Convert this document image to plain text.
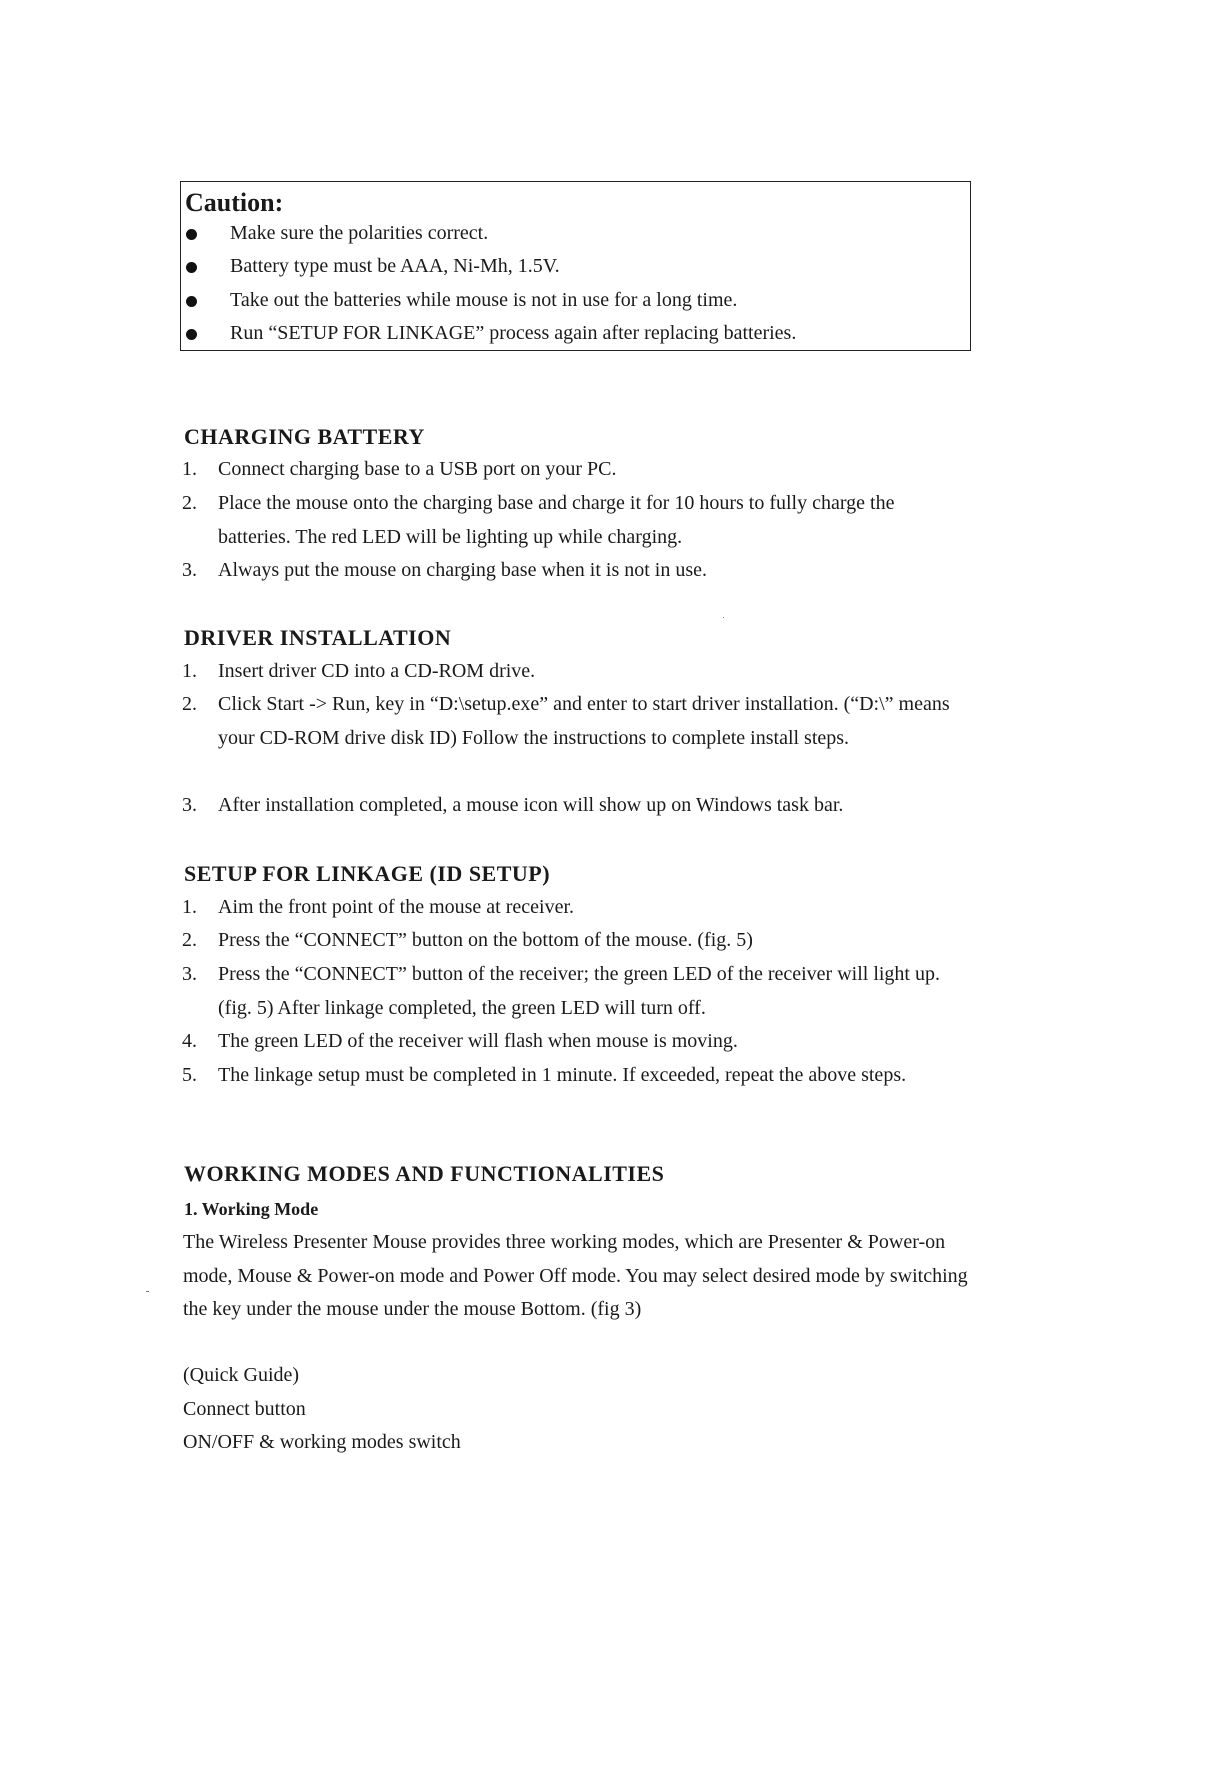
Caution:
Make sure the polarities correct.
Battery type must be AAA, Ni-Mh, 1.5V.
Take out the batteries while mouse is not in use for a long time.
Run “SETUP FOR LINKAGE” process again after replacing batteries.
CHARGING BATTERY
1. Connect charging base to a USB port on your PC.
2. Place the mouse onto the charging base and charge it for 10 hours to fully charge the batteries. The red LED will be lighting up while charging.
3. Always put the mouse on charging base when it is not in use.
DRIVER INSTALLATION
1. Insert driver CD into a CD-ROM drive.
2. Click Start -> Run, key in “D:\setup.exe” and enter to start driver installation. (“D:\” means your CD-ROM drive disk ID) Follow the instructions to complete install steps.
3. After installation completed, a mouse icon will show up on Windows task bar.
SETUP FOR LINKAGE (ID SETUP)
1. Aim the front point of the mouse at receiver.
2. Press the “CONNECT” button on the bottom of the mouse. (fig. 5)
3. Press the “CONNECT” button of the receiver; the green LED of the receiver will light up. (fig. 5) After linkage completed, the green LED will turn off.
4. The green LED of the receiver will flash when mouse is moving.
5. The linkage setup must be completed in 1 minute. If exceeded, repeat the above steps.
WORKING MODES AND FUNCTIONALITIES
1. Working Mode
The Wireless Presenter Mouse provides three working modes, which are Presenter & Power-on mode, Mouse & Power-on mode and Power Off mode. You may select desired mode by switching the key under the mouse under the mouse Bottom. (fig 3)
(Quick Guide)
Connect button
ON/OFF & working modes switch
